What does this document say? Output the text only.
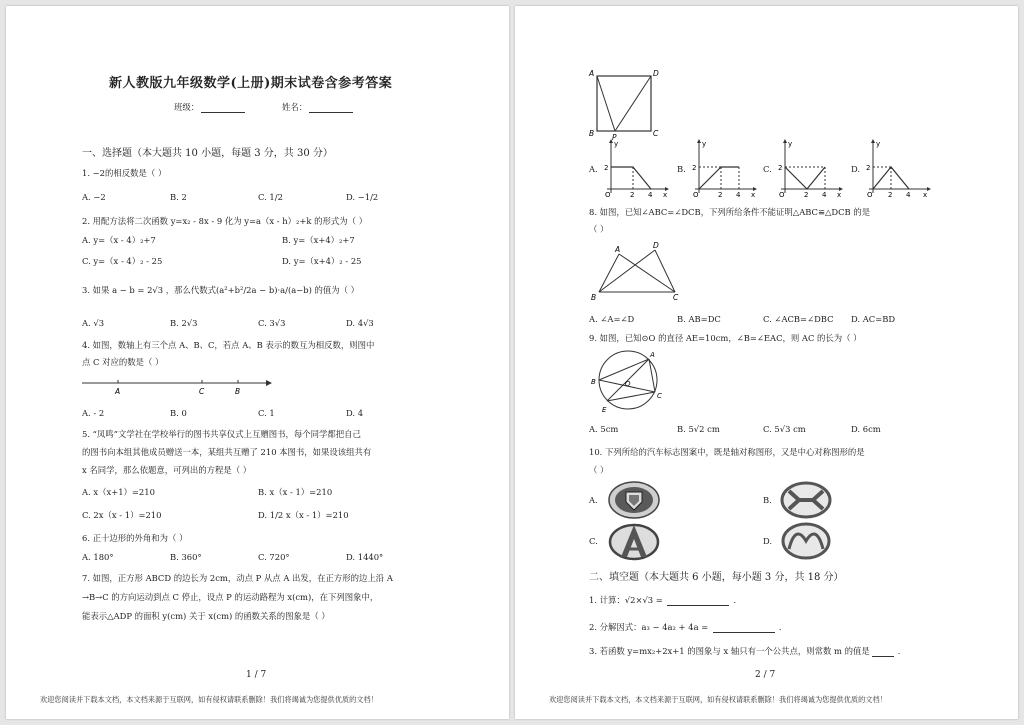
新人教版九年级数学(上册)期末试卷含参考答案
班级：	姓名：
一、选择题（本大题共 10 小题，每题 3 分，共 30 分）
1. −2的相反数是（ ）
A. −2	B. 2	C. 1/2	D. −1/2
2. 用配方法将二次函数 y=x₂ - 8x - 9 化为 y=a（x - h）₂+k 的形式为（ ）
A. y=（x - 4）₂+7	B. y=（x+4）₂+7
C. y=（x - 4）₂ - 25	D. y=（x+4）₂ - 25
3. 如果 a − b = 2√3 ，那么代数式(a²+b²/2a − b)·a/(a−b) 的值为（ ）
A. √3	B. 2√3	C. 3√3	D. 4√3
4. 如图，数轴上有三个点 A、B、C，若点 A、B 表示的数互为相反数，则图中
点 C 对应的数是（ ）
A	C	B
A. - 2	B. 0	C. 1	D. 4
5. “凤鸣”文学社在学校举行的图书共享仪式上互赠图书，每个同学都把自己
的图书向本组其他成员赠送一本，某组共互赠了 210 本图书，如果设该组共有
x 名同学，那么依题意，可列出的方程是（ ）
A. x（x+1）=210	B. x（x - 1）=210
C. 2x（x - 1）=210	D. 1/2 x（x - 1）=210
6. 正十边形的外角和为（ ）
A. 180°	B. 360°	C. 720°	D. 1440°
7. 如图，正方形 ABCD 的边长为 2cm，动点 P 从点 A 出发，在正方形的边上沿 A
→B→C 的方向运动到点 C 停止，设点 P 的运动路程为 x(cm)，在下列图象中，
能表示△ADP 的面积 y(cm) 关于 x(cm) 的函数关系的图象是（ ）
1 / 7
欢迎您阅读并下载本文档，本文档来源于互联网，如有侵权请联系删除！我们将竭诚为您提供优质的文档！
A	D
B P	C
A.
y
2
O	2 4 x
B.
y
2
O	2 4 x
C.
y
2
O	2 4 x
D.
y
2
O 2 4 x
8. 如图，已知∠ABC=∠DCB，下列所给条件不能证明△ABC≌△DCB 的是
（ ）
A	D
B	C
A. ∠A=∠D	B. AB=DC	C. ∠ACB=∠DBC D. AC=BD
9. 如图，已知⊙O 的直径 AE=10cm，∠B=∠EAC，则 AC 的长为（ ）
A
B	O
C
E
A. 5cm	B. 5√2 cm	C. 5√3 cm	D. 6cm
10. 下列所给的汽车标志图案中，既是轴对称图形，又是中心对称图形的是
（ ）
A.	B.
C.	D.
二、填空题（本大题共 6 小题，每小题 3 分，共 18 分）
1. 计算：√2×√3 =	.
2. 分解因式：a₃ − 4a₂ + 4a =	.
3. 若函数 y=mx₂+2x+1 的图象与 x 轴只有一个公共点，则常数 m 的值是	.
2 / 7
欢迎您阅读并下载本文档，本文档来源于互联网，如有侵权请联系删除！我们将竭诚为您提供优质的文档！
